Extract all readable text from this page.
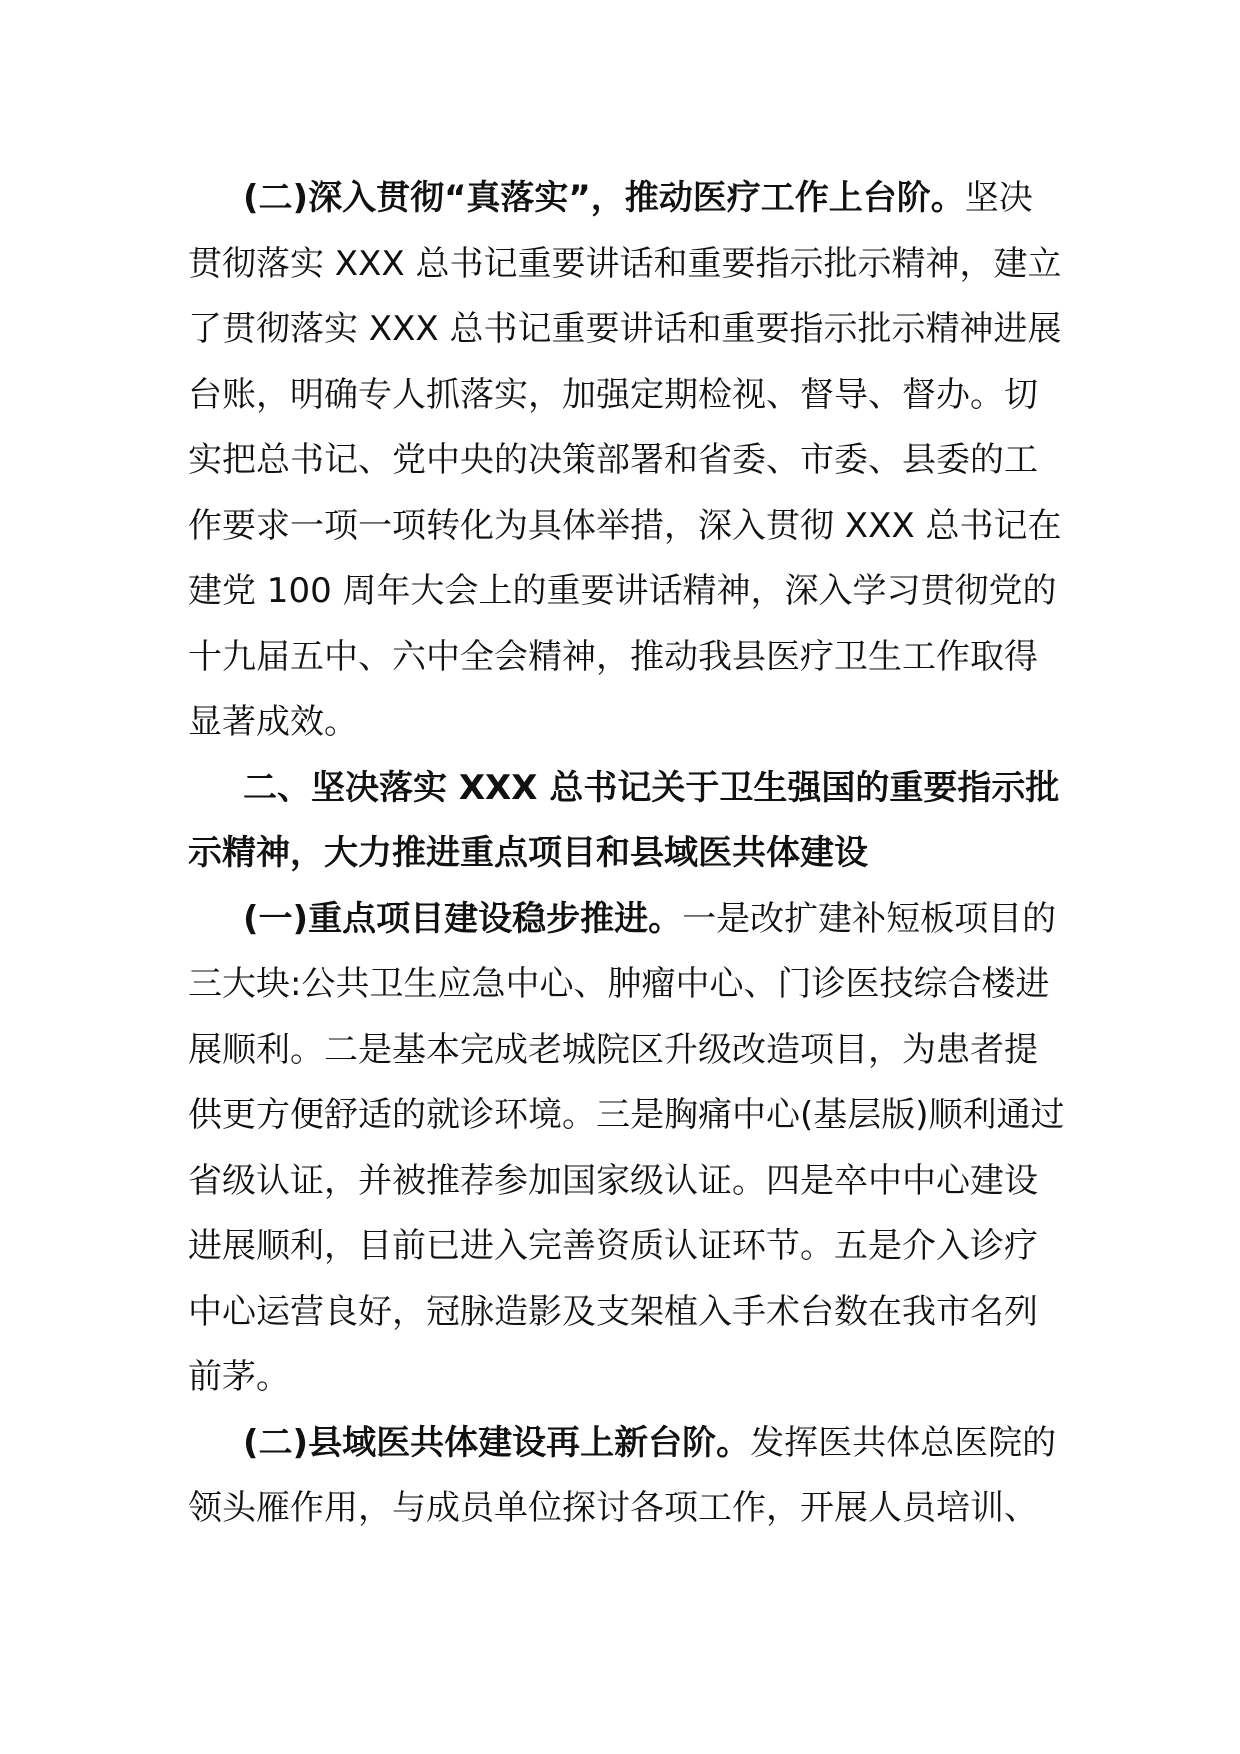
(二)深入贯彻“真落实”，推动医疗工作上台阶。坚决
贯彻落实 XXX 总书记重要讲话和重要指示批示精神，建立
了贯彻落实 XXX 总书记重要讲话和重要指示批示精神进展
台账，明确专人抓落实，加强定期检视、督导、督办。切
实把总书记、党中央的决策部署和省委、市委、县委的工
作要求一项一项转化为具体举措，深入贯彻 XXX 总书记在
建党 100 周年大会上的重要讲话精神，深入学习贯彻党的
十九届五中、六中全会精神，推动我县医疗卫生工作取得
显著成效。
二、坚决落实 XXX 总书记关于卫生强国的重要指示批
示精神，大力推进重点项目和县域医共体建设
(一)重点项目建设稳步推进。一是改扩建补短板项目的
三大块:公共卫生应急中心、肿瘤中心、门诊医技综合楼进
展顺利。二是基本完成老城院区升级改造项目，为患者提
供更方便舒适的就诊环境。三是胸痛中心(基层版)顺利通过
省级认证，并被推荐参加国家级认证。四是卒中中心建设
进展顺利，目前已进入完善资质认证环节。五是介入诊疗
中心运营良好，冠脉造影及支架植入手术台数在我市名列
前茅。
(二)县域医共体建设再上新台阶。发挥医共体总医院的
领头雁作用，与成员单位探讨各项工作，开展人员培训、
